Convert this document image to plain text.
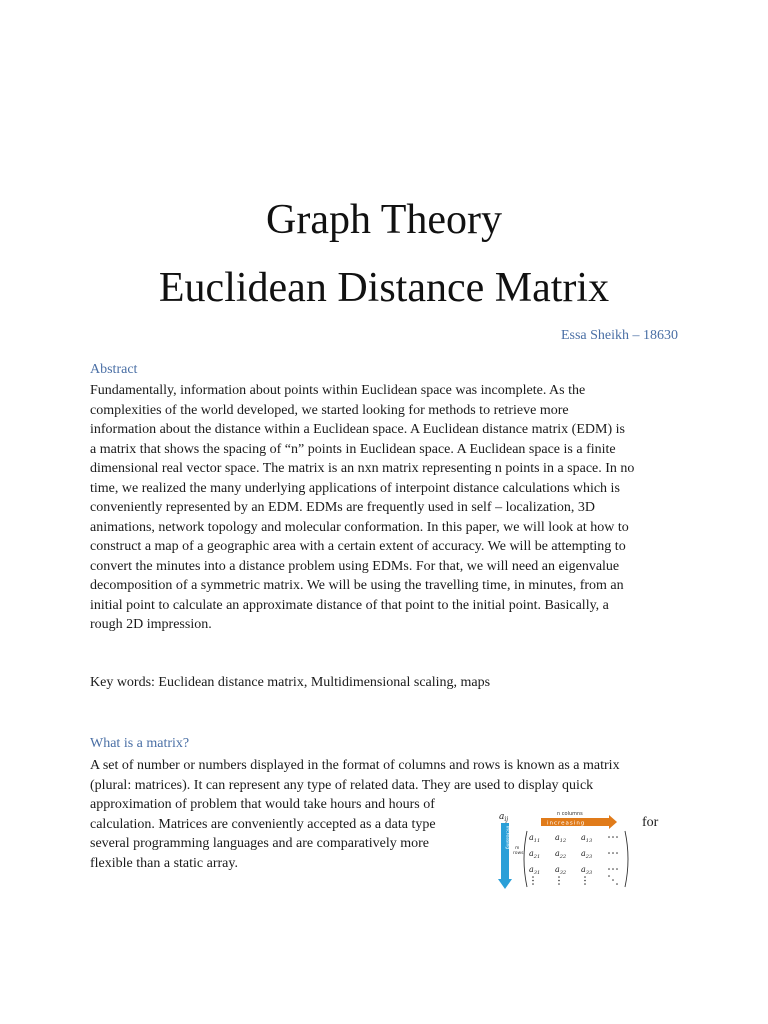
Graph Theory
Euclidean Distance Matrix
Essa Sheikh – 18630
Abstract

Fundamentally, information about points within Euclidean space was incomplete. As the
complexities of the world developed, we started looking for methods to retrieve more
information about the distance within a Euclidean space. A Euclidean distance matrix (EDM) is
a matrix that shows the spacing of “n” points in Euclidean space. A Euclidean space is a finite
dimensional real vector space. The matrix is an nxn matrix representing n points in a space. In no
time, we realized the many underlying applications of interpoint distance calculations which is
conveniently represented by an EDM. EDMs are frequently used in self – localization, 3D
animations, network topology and molecular conformation. In this paper, we will look at how to
construct a map of a geographic area with a certain extent of accuracy. We will be attempting to
convert the minutes into a distance problem using EDMs. For that, we will need an eigenvalue
decomposition of a symmetric matrix. We will be using the travelling time, in minutes, from an
initial point to calculate an approximate distance of that point to the initial point. Basically, a
rough 2D impression.

Key words: Euclidean distance matrix, Multidimensional scaling, maps

What is a matrix?

A set of number or numbers displayed in the format of columns and rows is known as a matrix
(plural: matrices). It can represent any type of related data. They are used to display quick
approximation of problem that would take hours and hours of
calculation. Matrices are conveniently accepted as a data type
several programming languages and are comparatively more
flexible than a static array.

for
$a_{ij}$
n columns
increasing
increasing m
rows
$a_{11}$ $a_{12}$ $a_{13}$
$a_{21}$ $a_{22}$ $a_{23}$
$a_{31}$ $a_{32}$ $a_{33}$
